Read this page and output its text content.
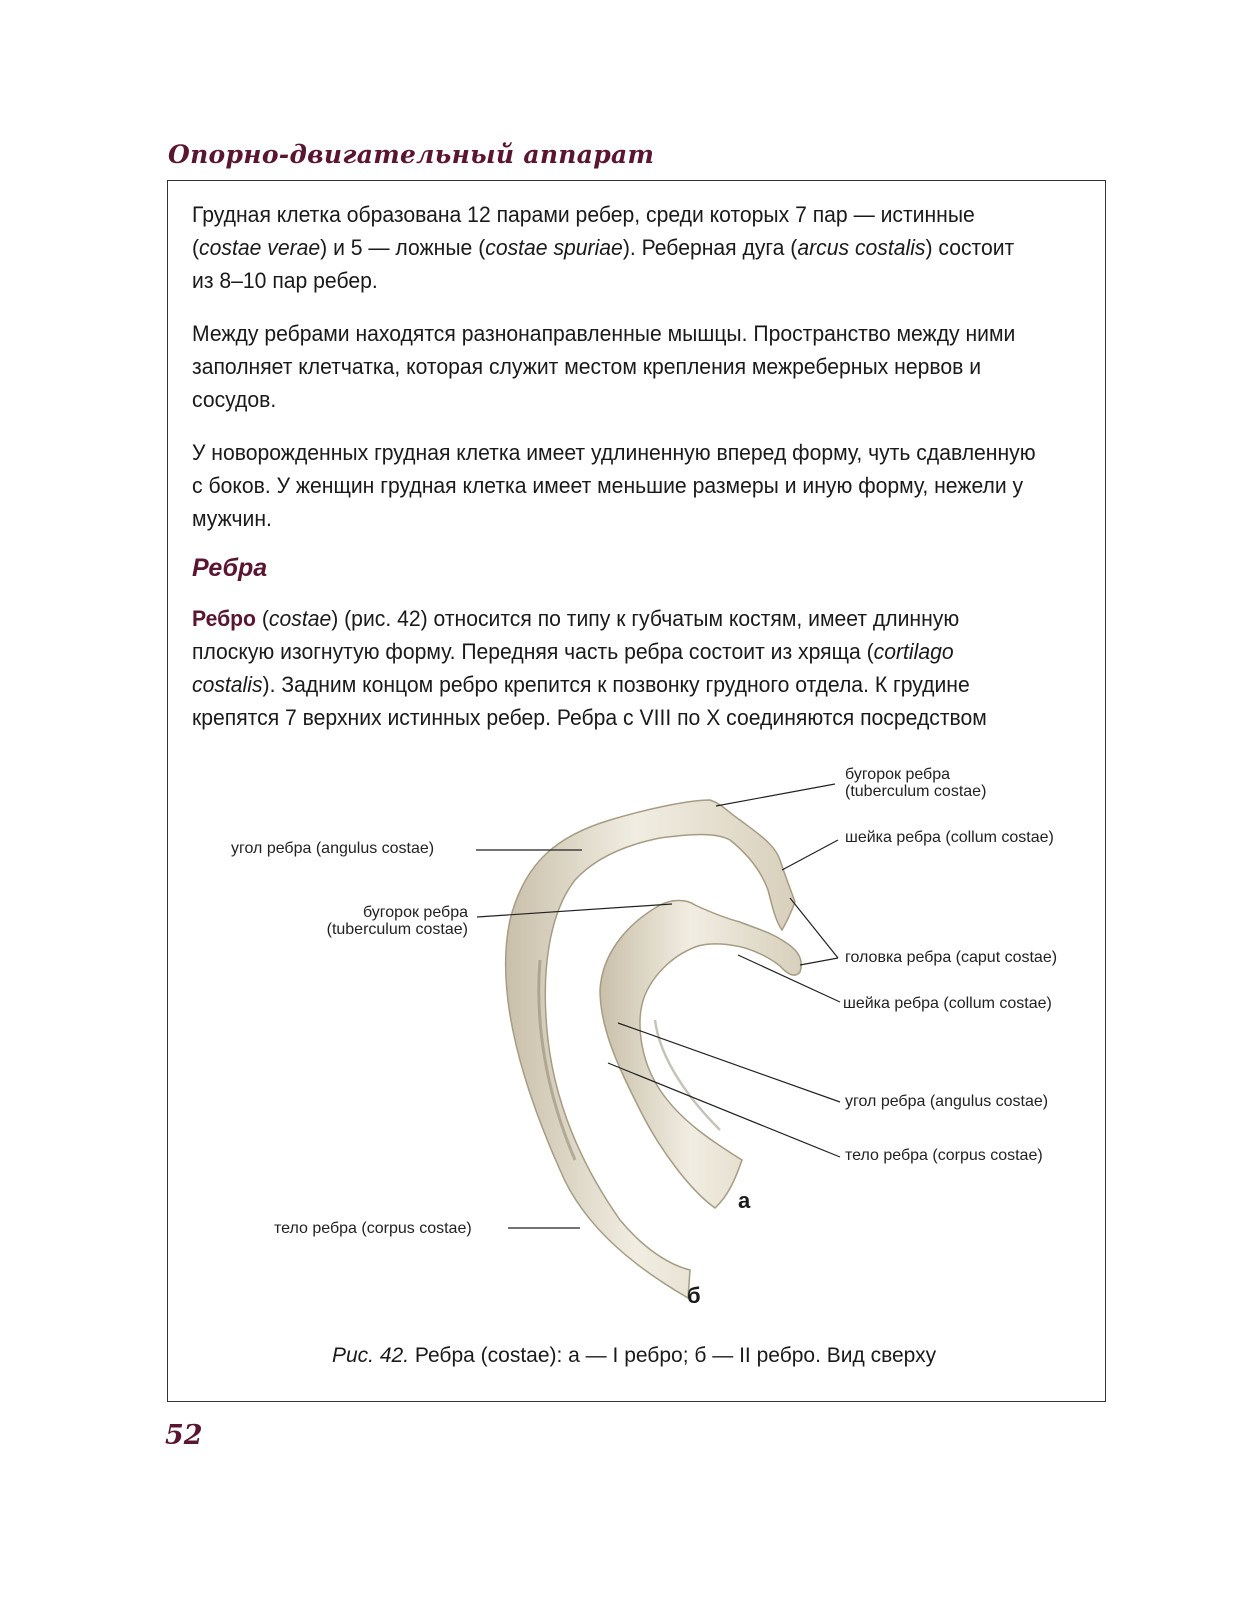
Опорно-двигательный аппарат
Грудная клетка образована 12 парами ребер, среди которых 7 пар — истинные (costae verae) и 5 — ложные (costae spuriae). Реберная дуга (arcus costalis) состоит из 8–10 пар ребер.
Между ребрами находятся разнонаправленные мышцы. Пространство между ними заполняет клетчатка, которая служит местом крепления межреберных нервов и сосудов.
У новорожденных грудная клетка имеет удлиненную вперед форму, чуть сдавленную с боков. У женщин грудная клетка имеет меньшие размеры и иную форму, нежели у мужчин.
Ребра
Ребро (costae) (рис. 42) относится по типу к губчатым костям, имеет длинную плоскую изогнутую форму. Передняя часть ребра состоит из хряща (cortilago costalis). Задним концом ребро крепится к позвонку грудного отдела. К грудине крепятся 7 верхних истинных ребер. Ребра с VIII по X соединяются посредством
бугорок ребра
(tuberculum costae)
угол ребра (angulus costae)
шейка ребра (collum costae)
бугорок ребра
(tuberculum costae)
головка ребра (caput costae)
шейка ребра (collum costae)
угол ребра (angulus costae)
тело ребра (corpus costae)
тело ребра (corpus costae)
а
б
Рис. 42. Ребра (costae): а — I ребро; б — II ребро. Вид сверху
52
